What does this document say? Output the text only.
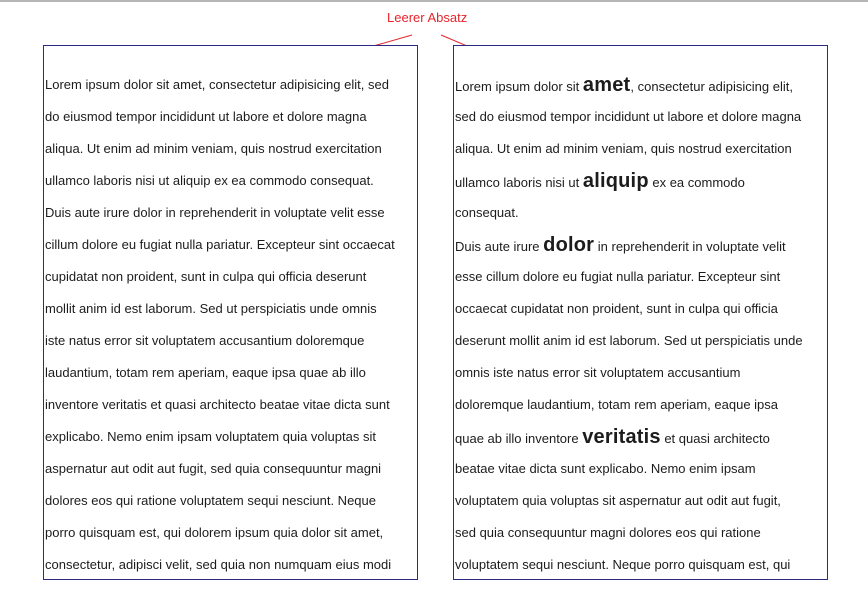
Leerer Absatz
Lorem ipsum dolor sit amet, consectetur adipisicing elit, sed
do eiusmod tempor incididunt ut labore et dolore magna
aliqua. Ut enim ad minim veniam, quis nostrud exercitation
ullamco laboris nisi ut aliquip ex ea commodo consequat.
Duis aute irure dolor in reprehenderit in voluptate velit esse
cillum dolore eu fugiat nulla pariatur. Excepteur sint occaecat
cupidatat non proident, sunt in culpa qui officia deserunt
mollit anim id est laborum. Sed ut perspiciatis unde omnis
iste natus error sit voluptatem accusantium doloremque
laudantium, totam rem aperiam, eaque ipsa quae ab illo
inventore veritatis et quasi architecto beatae vitae dicta sunt
explicabo. Nemo enim ipsam voluptatem quia voluptas sit
aspernatur aut odit aut fugit, sed quia consequuntur magni
dolores eos qui ratione voluptatem sequi nesciunt. Neque
porro quisquam est, qui dolorem ipsum quia dolor sit amet,
consectetur, adipisci velit, sed quia non numquam eius modi
Lorem ipsum dolor sit amet, consectetur adipisicing elit,
sed do eiusmod tempor incididunt ut labore et dolore magna
aliqua. Ut enim ad minim veniam, quis nostrud exercitation
ullamco laboris nisi ut aliquip ex ea commodo
consequat.
Duis aute irure dolor in reprehenderit in voluptate velit
esse cillum dolore eu fugiat nulla pariatur. Excepteur sint
occaecat cupidatat non proident, sunt in culpa qui officia
deserunt mollit anim id est laborum. Sed ut perspiciatis unde
omnis iste natus error sit voluptatem accusantium
doloremque laudantium, totam rem aperiam, eaque ipsa
quae ab illo inventore veritatis et quasi architecto
beatae vitae dicta sunt explicabo. Nemo enim ipsam
voluptatem quia voluptas sit aspernatur aut odit aut fugit,
sed quia consequuntur magni dolores eos qui ratione
voluptatem sequi nesciunt. Neque porro quisquam est, qui
